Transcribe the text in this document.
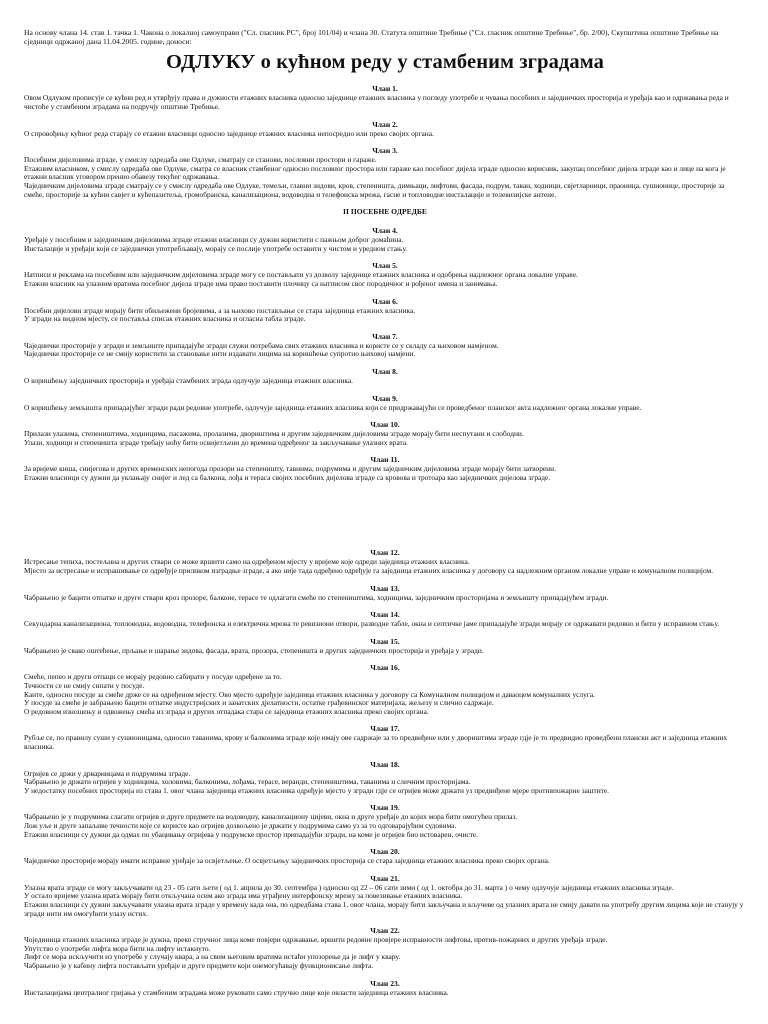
На основу члана 14. став 1. тачка 1. Чакона о локалној самоуправи ("Сл. гласник РС", број 101/04) и члана 30. Статута општине Требиње ("Сл. гласник општине Требиње", бр. 2/00), Скупштина општине Требиње на сједници одржаној дана 11.04.2005. године, доноси:

ОДЛУКУ о кућном реду у стамбеним зградама
Члан 1.

Овом Одлуком прописује се кућни ред и утврђују права и дужности етажних власника односно заједнице етажних власника у погледу употребе и чувања посебних и заједничких просторија и уређаја као и одржавања реда и чистоће у стамбеним зградама на подручју општине Требиње.

Члан 2.

О спровођењу кућног реда старају се етажни власници односно заједнице етажних власника непосредно или преко својих органа.

Члан 3.

Посебним дијеловима зграде, у смислу одредаба ове Одлуке, сматрају се станови, пословни простори и гараже.

Етажним власником, у смислу одредаба ове Одлуке, сматра се власник стамбеног односно пословног простора или гараже као посебног дијела зграде односно корисник, закупац посебног дијела зграде као и лице на кога је етажни власник уговором пренио обавезу текућег одржавања.

Чаједничким дијеловима зграде сматрају се у смислу одредаба ове Одлуке, темељи, главни зидови, кров, степеништа, димњаци, лифтови, фасада, подрум, таван, ходници, свјетларници, праоница, сушионице, просторије за смеће, просторије за кућни савјет и кућепазитеља, громобранска, канализациона, водоводна и телефонска мрежа, гасне и топловодне инсталације и телевизијске антене.

II ПОСЕБНЕ ОДРЕДБЕ
Члан 4.

Уређаје у посебним и заједничким дијеловима зграде етажни власници су дужни користити с пажњом доброг домаћина.

Инсталације и уређаји који се заједнички употребљавају, морају се послије употребе оставити у чистом и уредном стању.

Члан 5.

Натписи и реклама на посебним или заједничким дијеловима зграде могу се постављати уз дозволу заједнице етажних власника и одобрења надлежног органа локалне управе.

Етажни власник на улазним вратима посебног дијела зграде има право поставити плочицу са натписом свог породичног и рођеног имена и занимања.

Члан 6.

Посебни дијелови зграде морају бити обиљежени бројевима, а за њихово постављање се стара заједница етажних власника.

У згради на видном мјесту, се поставља списак етажних власника и огласна табла зграде.

Члан 7.

Чаједничке просторије у згради и земљиште припадајуће згради служи потребама свих етажних власника и користе се у складу са њиховом намјеном.

Чаједничке просторије се не смију користити за становање нити издавати лицима на коришћење супротно њиховој намјени.

Члан 8.

О коришћењу заједничких просторија и уређаја стамбених зграда одлучује заједница етажних власника.

Члан 9.

О коришћењу земљишта припадајућег згради ради редовне употребе, одлучује заједница етажних власника који се придржавајући се проведбеног планског акта надлежног органа локалне управе.

Члан 10.

Прилази улазима, степеништима, ходницима, пасажима, пролазима, двориштима и другим заједничким дијеловима зграде морају бити неспутани и слободни.

Улази, ходници и степеништа зграде требају ноћу бити освијетљени до времена одређеног за закључавање улазних врата.

Члан 11.

За вријеме киша, снијегова и других временских непогода прозори на степеништу, тавнима, подрумима и другим заједничким дијеловима зграде морају бити затворени.

Етажни власници су дужни да уклањају снијег и лед са балкона, лођа и тераса својих посебних дијелова зграде са кровова и тротоара као заједничких дијелова зграде.

Члан 12.

Истресање тепиха, постељина и других ствари се може вршити само на одређеном мјесту у вријеме које одреди заједница етажних власника.

Мјесто за истресање и испрашивање се одређује приликом изградње зграде, а ако није тада одређено одређује га заједница етажних власника у договору са надлежним органом локалне управе и комуналном полицијом.

Члан 13.

Чабрањено је бацити отпатке и друге ствари кроз прозоре, балконе, терасе те одлагати смеће по степеништима, ходницима, заједничким просторијама и земљишту припадајућем згради.

Члан 14.

Секундарна канализациона, топловодна, водоводна, телефонска и електрична мрежа те ревизиони отвори, разводне табле, окна и септичке јаме припадајуће згради морају се одржавати редовно и бити у исправном стању.

Члан 15.

Чабрањено је свако оштећење, прљање и шарање зидова, фасада, врата, прозора, степеништа и других заједничких просторија и уређаја у згради.

Члан 16.

Смеће, пепео и други отпаци се морају редовно сабирати у посуде одређене за то.

Течности се не смију сипати у посуде.

Канте, односно посуде за смеће држе се на одређеном мјесту. Ово мјесто одређује заједница етажних власника у договору са Комуналном полицијом и даваоцем комуналних услуга.

У посуде за смеће је забрањено бацити отпатке индустријских и занатских дјелатности, остатке грађевинског материјала, жељезу и слично садржаје.

О редовном изношењу и одвожењу смећа из зграда и других отпадака стара се заједница етажних власника преко својих органа.

Члан 17.

Рубље се, по правилу суши у сушионицама, односно таванима, крову и балконима зграде које имају ове садржаје за то предвиђене или у двориштима зграде гдје је то предвидио проведбени плански акт и заједница етажних власника.

Члан 18.

Огријев се држи у дрварницама и подрумима зграде.

Чабрањено је држати огријев у ходницима, холовима, балконима, лођама, терасе, веранди, степеништима, таванима и сличним просторијама.

У недостатку посебних просторија из става 1. овог члана заједница етажних власника одређује мјесто у згради гдје се огријев може држати уз предвиђене мјере противпожарне заштите.

Члан 19.

Чабрањено је у подрумима слагати огријев и друге предмете на водоводну, канализациону цијеви, окна и друге уређаје до којих мора бити омогућен прилаз.

Лож уље и друге запаљиве течности које се користе као огријев дозвољено је држати у подрумима само уз за то одговарајућим судовима.

Етажни власници су дужни да одмах по убацивању огријева у подрумске простор припадајући згради, на коме је огријев био истоварен, очисте.

Члан 20.

Чаједничке просторије морају имати исправне уређаје за освјетљење. О освјетљењу заједничких просторија се стара заједница етажних власника преко својих органа.

Члан 21.

Улазна врата зграде се могу закључавати од 23 - 05 сати љети ( од 1. априла до 30. септембра ) односно од 22 – 06 сати зими ( од 1. октобра до 31. марта ) о чему одлучује заједница етажних власника зграде.

У остало вријеме улазна врата морају бити откључана осим ако зграда има уграђену интерфонску мрежу за повезивање етажних власника.

Етажни власници су дужни закључавати улазна врата зграде у времену када она, по одредбама става 1. овог члана, морају бити закључана и кључеве од улазних врата не смију давати на употребу другим лицима које не станују у згради нити им омогућити улазу истих.

Члан 22.

Чојединица етажних власника зграде је дужна, преко стручног лица коме повјери одржавање, вршити редовне провјере исправности лифтова, против-пожарних и других уређаја зграде.

Упутство о употреби лифта мора бити на лифту истакнуто.

Лифт се мора искључити из употребе у случају квара, а на свим његовим вратима истаћи упозорење да је лифт у квару.

Чабрањено је у кабину лифта постављати уређаје и друге предмете који онемогућавају функционисање лифта.

Члан 23.

Инсталацијама централног гријања у стамбеним зградама може руковати само стручно лице које овласти заједница етажних власника.
